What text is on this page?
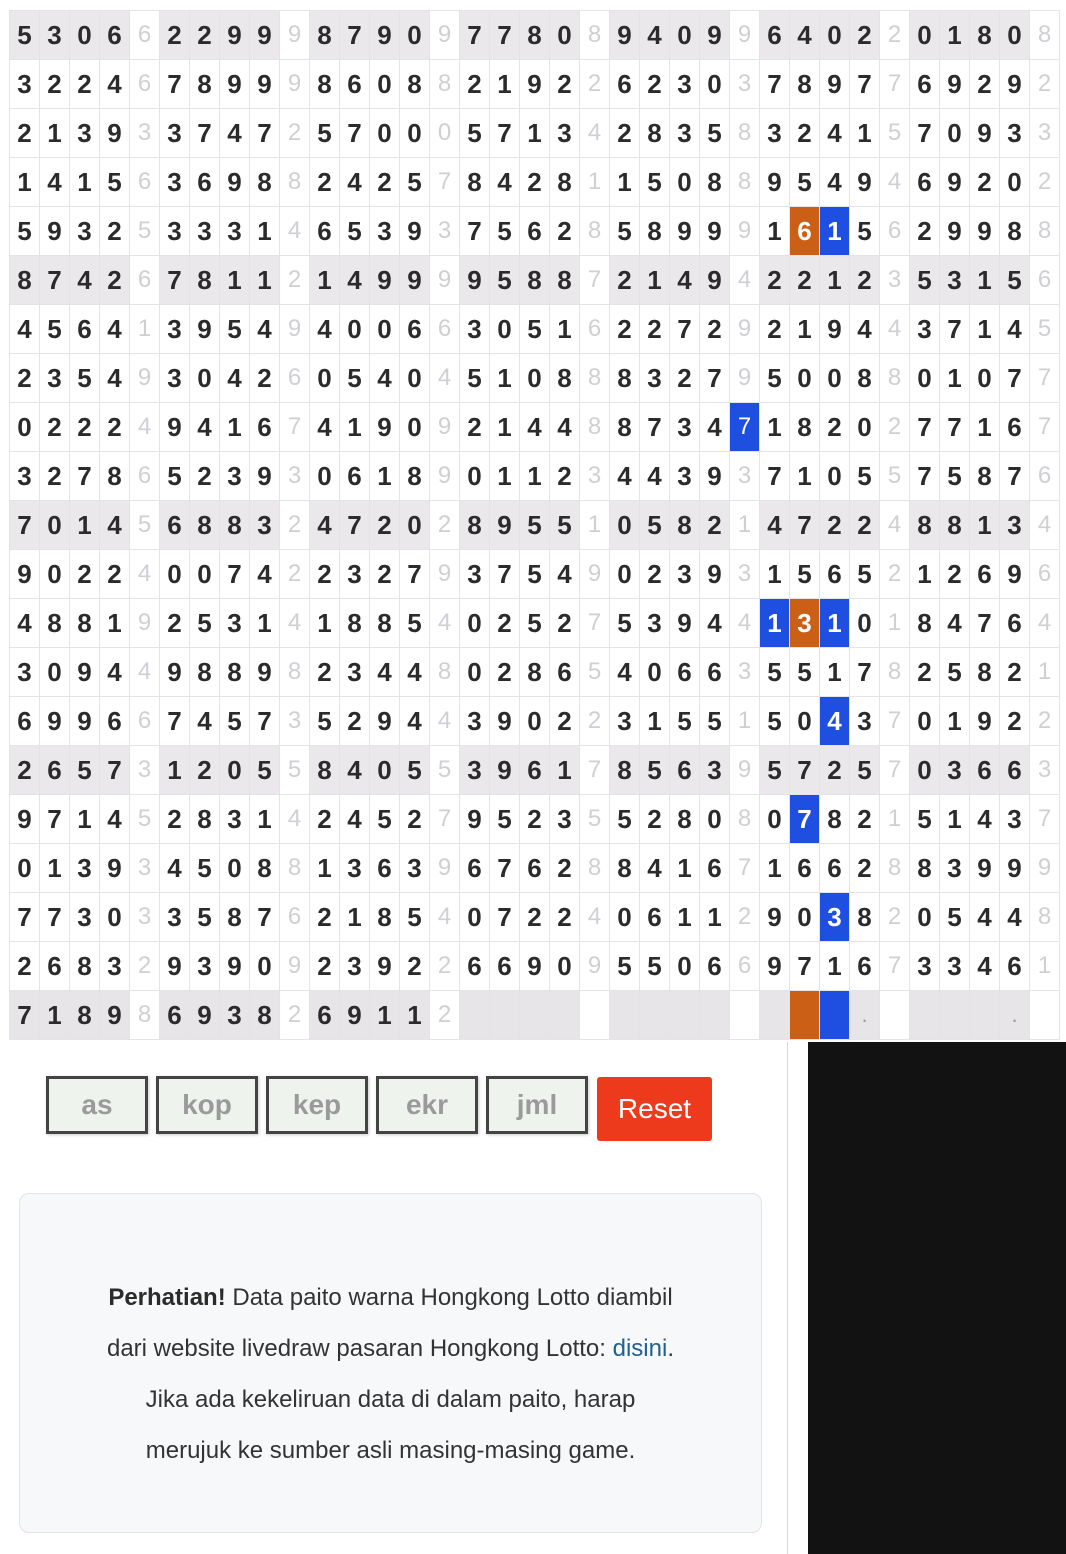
5	3	0	6	6	2	2	9	9	9	8	7	9	0	9	7	7	8	0	8	9	4	0	9	9	6	4	0	2	2	0	1	8	0	8
3	2	2	4	6	7	8	9	9	9	8	6	0	8	8	2	1	9	2	2	6	2	3	0	3	7	8	9	7	7	6	9	2	9	2
2	1	3	9	3	3	7	4	7	2	5	7	0	0	0	5	7	1	3	4	2	8	3	5	8	3	2	4	1	5	7	0	9	3	3
1	4	1	5	6	3	6	9	8	8	2	4	2	5	7	8	4	2	8	1	1	5	0	8	8	9	5	4	9	4	6	9	2	0	2
5	9	3	2	5	3	3	3	1	4	6	5	3	9	3	7	5	6	2	8	5	8	9	9	9	1	6	1	5	6	2	9	9	8	8
8	7	4	2	6	7	8	1	1	2	1	4	9	9	9	9	5	8	8	7	2	1	4	9	4	2	2	1	2	3	5	3	1	5	6
4	5	6	4	1	3	9	5	4	9	4	0	0	6	6	3	0	5	1	6	2	2	7	2	9	2	1	9	4	4	3	7	1	4	5
2	3	5	4	9	3	0	4	2	6	0	5	4	0	4	5	1	0	8	8	8	3	2	7	9	5	0	0	8	8	0	1	0	7	7
0	2	2	2	4	9	4	1	6	7	4	1	9	0	9	2	1	4	4	8	8	7	3	4	7	1	8	2	0	2	7	7	1	6	7
3	2	7	8	6	5	2	3	9	3	0	6	1	8	9	0	1	1	2	3	4	4	3	9	3	7	1	0	5	5	7	5	8	7	6
7	0	1	4	5	6	8	8	3	2	4	7	2	0	2	8	9	5	5	1	0	5	8	2	1	4	7	2	2	4	8	8	1	3	4
9	0	2	2	4	0	0	7	4	2	2	3	2	7	9	3	7	5	4	9	0	2	3	9	3	1	5	6	5	2	1	2	6	9	6
4	8	8	1	9	2	5	3	1	4	1	8	8	5	4	0	2	5	2	7	5	3	9	4	4	1	3	1	0	1	8	4	7	6	4
3	0	9	4	4	9	8	8	9	8	2	3	4	4	8	0	2	8	6	5	4	0	6	6	3	5	5	1	7	8	2	5	8	2	1
6	9	9	6	6	7	4	5	7	3	5	2	9	4	4	3	9	0	2	2	3	1	5	5	1	5	0	4	3	7	0	1	9	2	2
2	6	5	7	3	1	2	0	5	5	8	4	0	5	5	3	9	6	1	7	8	5	6	3	9	5	7	2	5	7	0	3	6	6	3
9	7	1	4	5	2	8	3	1	4	2	4	5	2	7	9	5	2	3	5	5	2	8	0	8	0	7	8	2	1	5	1	4	3	7
0	1	3	9	3	4	5	0	8	8	1	3	6	3	9	6	7	6	2	8	8	4	1	6	7	1	6	6	2	8	8	3	9	9	9
7	7	3	0	3	3	5	8	7	6	2	1	8	5	4	0	7	2	2	4	0	6	1	1	2	9	0	3	8	2	0	5	4	4	8
2	6	8	3	2	9	3	9	0	9	2	3	9	2	2	6	6	9	0	9	5	5	0	6	6	9	7	1	6	7	3	3	4	6	1
7	1	8	9	8	6	9	3	8	2	6	9	1	1	2														.					.	
as	kop	kep	ekr	jml	Reset
Perhatian! Data paito warna Hongkong Lotto diambil
dari website livedraw pasaran Hongkong Lotto: disini.
Jika ada kekeliruan data di dalam paito, harap
merujuk ke sumber asli masing-masing game.
